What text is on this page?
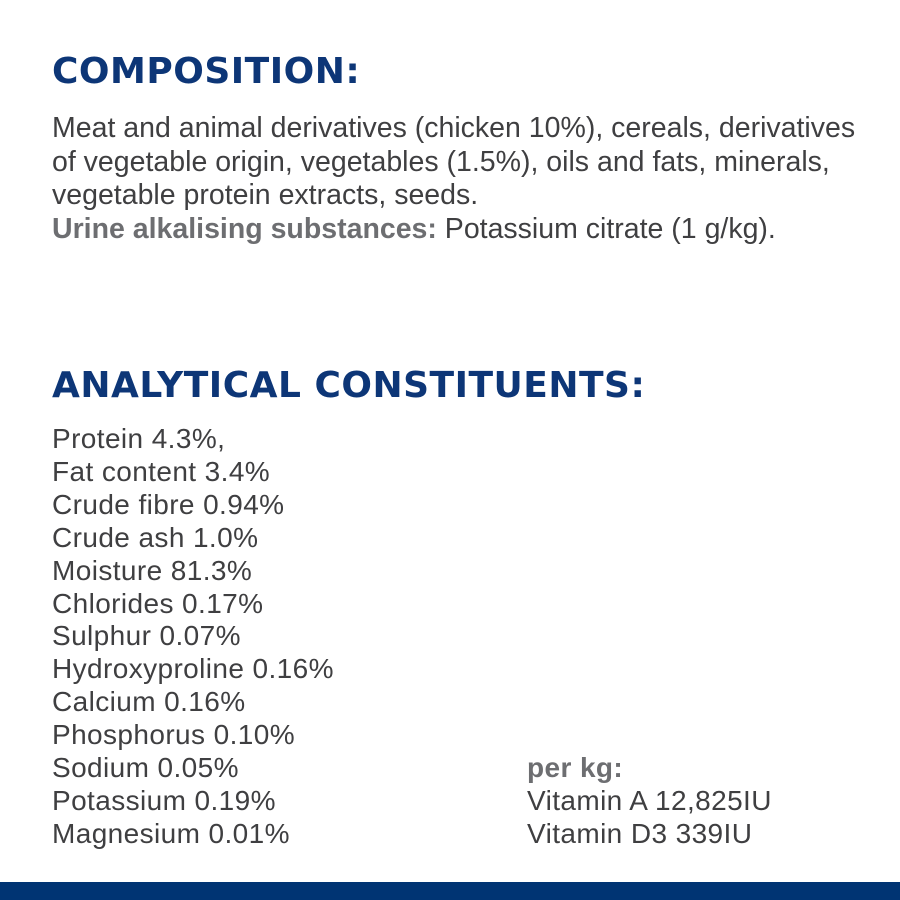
COMPOSITION:
Meat and animal derivatives (chicken 10%), cereals, derivatives of vegetable origin, vegetables (1.5%), oils and fats, minerals, vegetable protein extracts, seeds.
Urine alkalising substances: Potassium citrate (1 g/kg).
ANALYTICAL CONSTITUENTS:
Protein 4.3%,
Fat content 3.4%
Crude fibre 0.94%
Crude ash 1.0%
Moisture 81.3%
Chlorides 0.17%
Sulphur 0.07%
Hydroxyproline 0.16%
Calcium 0.16%
Phosphorus 0.10%
Sodium 0.05%
Potassium 0.19%
Magnesium 0.01%
per kg:
Vitamin A 12,825IU
Vitamin D3 339IU
